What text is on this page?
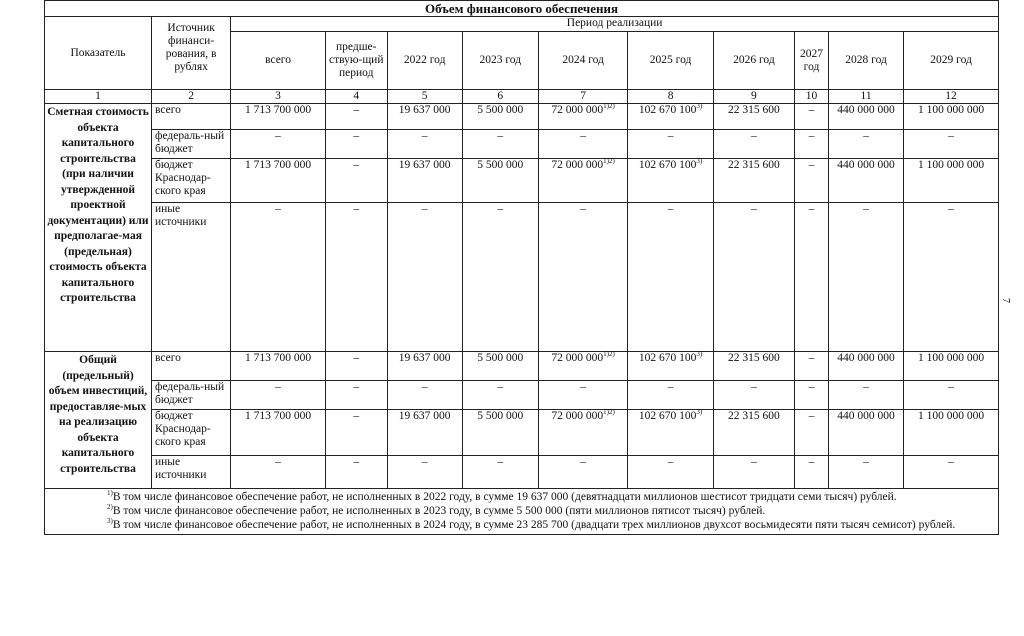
Объем финансового обеспечения											
Показатель	Источник финанси-рования, в рублях	Период реализации									
		всего	предше-ствую-щий период	2022 год	2023 год	2024 год	2025 год	2026 год	2027 год	2028 год	2029 год
1	2	3	4	5	6	7	8	9	10	11	12
Сметная стоимость объекта капитального строительства (при наличии утвержденной проектной документации) или предполагае-мая (предельная) стоимость объекта капитального строительства	всего	1 713 700 000	–	19 637 000	5 500 000	72 000 $000^{1)2)}$	102 670 100$^{3)}$	22 315 600	–	440 000 000	1 100 000 000
	федераль-ный бюджет	–	–	–	–	–	–	–	–	–	–
	бюджет Краснодар-ского края	1 713 700 000	–	19 637 000	5 500 000	72 000 $000^{1)2)}$	102 670 100$^{3)}$	22 315 600	–	440 000 000	1 100 000 000
	иные источники	–	–	–	–	–	–	–	–	–	–
Общий (предельный) объем инвестиций, предоставляе-мых на реализацию объекта капитального строительства	всего	1 713 700 000	–	19 637 000	5 500 000	72 000 $000^{1)2)}$	102 670 100$^{3)}$	22 315 600	–	440 000 000	1 100 000 000
	федераль-ный бюджет	–	–	–	–	–	–	–	–	–	–
	бюджет Краснодар-ского края	1 713 700 000	–	19 637 000	5 500 000	72 000 $000^{1)2)}$	102 670 100$^{3)}$	22 315 600	–	440 000 000	1 100 000 000
	иные источники	–	–	–	–	–	–	–	–	–	–

$^{1)}$В том числе финансовое обеспечение работ, не исполненных в 2022 году, в сумме 19 637 000 (девятнадцати миллионов шестисот тридцати семи тысяч) рублей.

$^{2)}$В том числе финансовое обеспечение работ, не исполненных в 2023 году, в сумме 5 500 000 (пяти миллионов пятисот тысяч) рублей.

$^{3)}$В том числе финансовое обеспечение работ, не исполненных в 2024 году, в сумме 23 285 700 (двадцати трех миллионов двухсот восьмидесяти пяти тысяч семисот) рублей.

7
